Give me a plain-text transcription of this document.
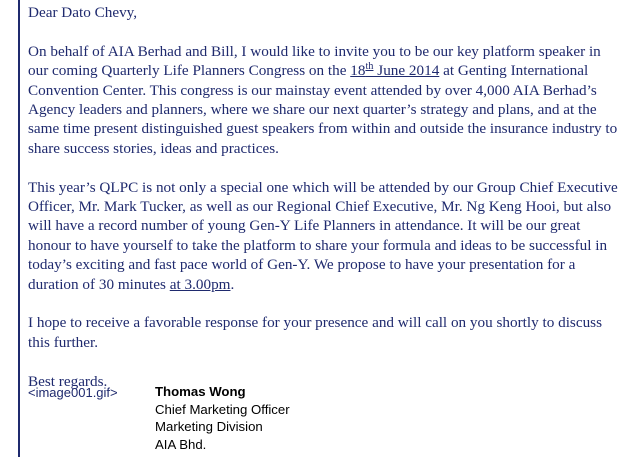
Dear Dato Chevy,

On behalf of AIA Berhad and Bill, I would like to invite you to be our key platform speaker in our coming Quarterly Life Planners Congress on the 18th June 2014 at Genting International Convention Center. This congress is our mainstay event attended by over 4,000 AIA Berhad’s Agency leaders and planners, where we share our next quarter’s strategy and plans, and at the same time present distinguished guest speakers from within and outside the insurance industry to share success stories, ideas and practices.

This year’s QLPC is not only a special one which will be attended by our Group Chief Executive Officer, Mr. Mark Tucker, as well as our Regional Chief Executive, Mr. Ng Keng Hooi, but also will have a record number of young Gen-Y Life Planners in attendance. It will be our great honour to have yourself to take the platform to share your formula and ideas to be successful in today’s exciting and fast pace world of Gen-Y. We propose to have your presentation for a duration of 30 minutes at 3.00pm.

I hope to receive a favorable response for your presence and will call on you shortly to discuss this further.

Best regards.

<image001.gif>	Thomas Wong
Chief Marketing Officer
Marketing Division
AIA Bhd.
